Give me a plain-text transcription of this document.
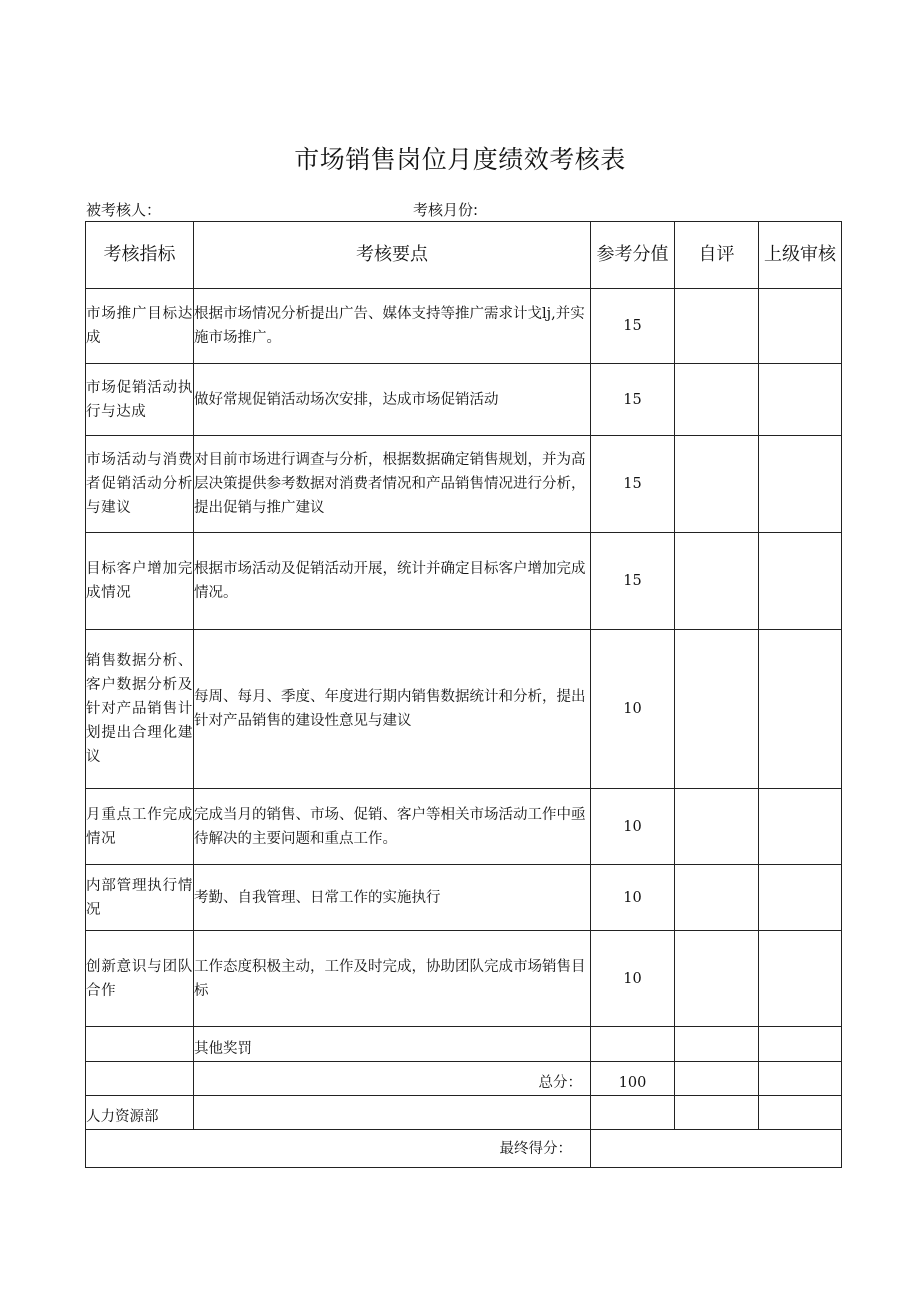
市场销售岗位月度绩效考核表
被考核人：	考核月份:
考核指标	考核要点	参考分值	自评	上级审核
市场推广目标达成	根据市场情况分析提出广告、媒体支持等推广需求计戈lj,并实施市场推广。	15		
市场促销活动执行与达成	做好常规促销活动场次安排，达成市场促销活动	15		
市场活动与消费者促销活动分析与建议	对目前市场进行调查与分析，根据数据确定销售规划，并为高层决策提供参考数据对消费者情况和产品销售情况进行分析，提出促销与推广建议	15		
目标客户增加完成情况	根据市场活动及促销活动开展，统计并确定目标客户增加完成情况。	15		
销售数据分析、客户数据分析及针对产品销售计划提出合理化建议	每周、每月、季度、年度进行期内销售数据统计和分析，提出针对产品销售的建设性意见与建议	10		
月重点工作完成情况	完成当月的销售、市场、促销、客户等相关市场活动工作中亟待解决的主要问题和重点工作。	10		
内部管理执行情况	考勤、自我管理、日常工作的实施执行	10		
创新意识与团队合作	工作态度积极主动，工作及时完成，协助团队完成市场销售目标	10		
	其他奖罚			
	总分：	100		
人力资源部				
最终得分：				
